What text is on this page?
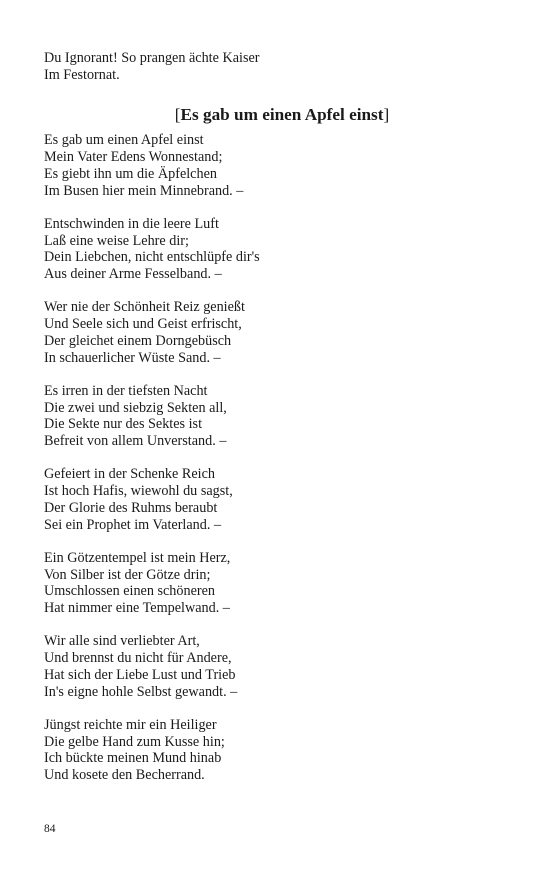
Du Ignorant! So prangen ächte Kaiser
Im Festornat.
[Es gab um einen Apfel einst]
Es gab um einen Apfel einst
Mein Vater Edens Wonnestand;
Es giebt ihn um die Äpfelchen
Im Busen hier mein Minnebrand. –
Entschwinden in die leere Luft
Laß eine weise Lehre dir;
Dein Liebchen, nicht entschlüpfe dir's
Aus deiner Arme Fesselband. –
Wer nie der Schönheit Reiz genießt
Und Seele sich und Geist erfrischt,
Der gleichet einem Dorngebüsch
In schauerlicher Wüste Sand. –
Es irren in der tiefsten Nacht
Die zwei und siebzig Sekten all,
Die Sekte nur des Sektes ist
Befreit von allem Unverstand. –
Gefeiert in der Schenke Reich
Ist hoch Hafis, wiewohl du sagst,
Der Glorie des Ruhms beraubt
Sei ein Prophet im Vaterland. –
Ein Götzentempel ist mein Herz,
Von Silber ist der Götze drin;
Umschlossen einen schöneren
Hat nimmer eine Tempelwand. –
Wir alle sind verliebter Art,
Und brennst du nicht für Andere,
Hat sich der Liebe Lust und Trieb
In's eigne hohle Selbst gewandt. –
Jüngst reichte mir ein Heiliger
Die gelbe Hand zum Kusse hin;
Ich bückte meinen Mund hinab
Und kosete den Becherrand.
84
